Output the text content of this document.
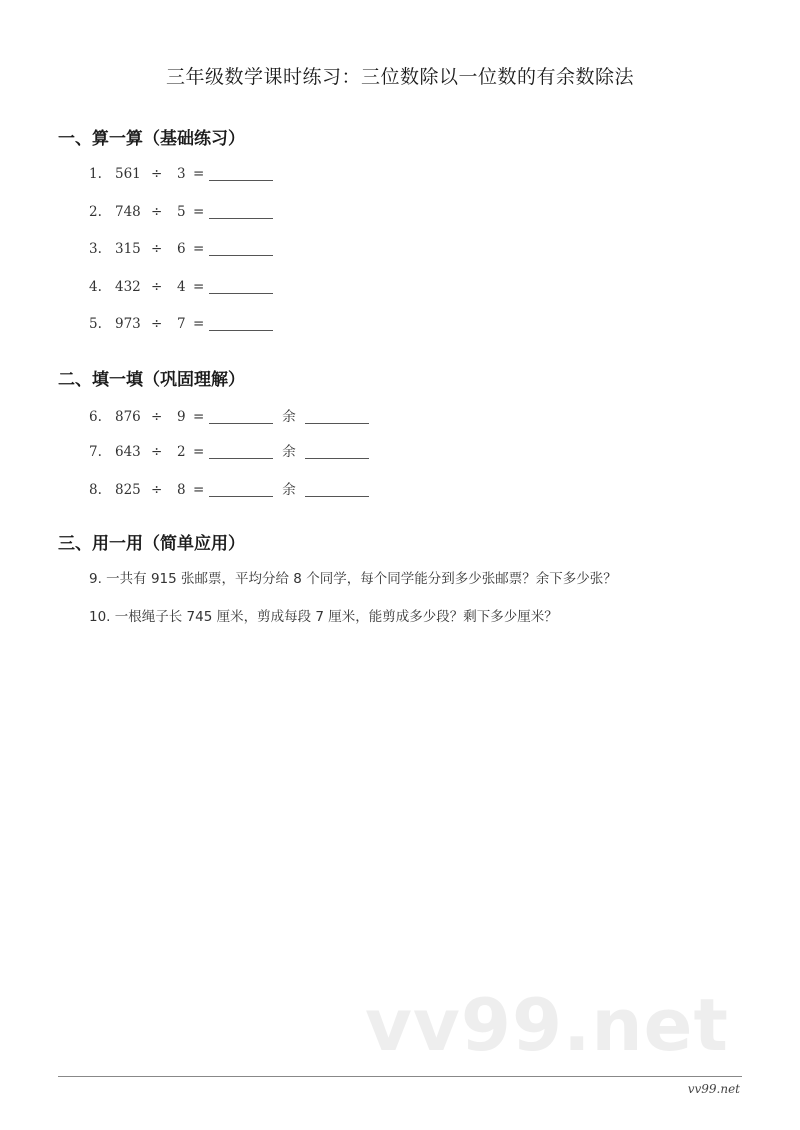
三年级数学课时练习：三位数除以一位数的有余数除法
一、算一算（基础练习）
1. 561 ÷ 3 =
2. 748 ÷ 5 =
3. 315 ÷ 6 =
4. 432 ÷ 4 =
5. 973 ÷ 7 =
二、填一填（巩固理解）
6. 876 ÷ 9 =	余
7. 643 ÷ 2 =	余
8. 825 ÷ 8 =	余
三、用一用（简单应用）
9. 一共有 915 张邮票，平均分给 8 个同学，每个同学能分到多少张邮票？余下多少张？
10. 一根绳子长 745 厘米，剪成每段 7 厘米，能剪成多少段？剩下多少厘米？
vv99.net
vv99.net
